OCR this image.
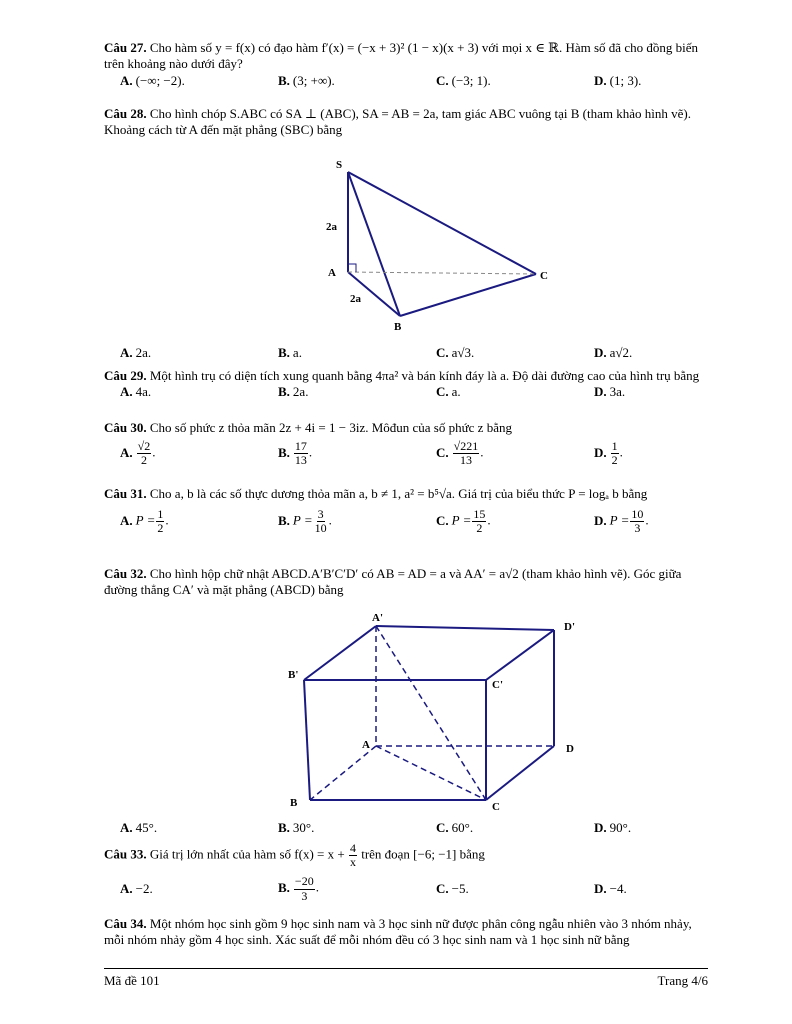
Câu 27. Cho hàm số y = f(x) có đạo hàm f′(x) = (−x + 3)² (1 − x)(x + 3) với mọi x ∈ ℝ. Hàm số đã cho đồng biến trên khoảng nào dưới đây?

A. (−∞; −2).	B. (3; +∞).	C. (−3; 1).	D. (1; 3).

Câu 28. Cho hình chóp S.ABC có SA ⊥ (ABC), SA = AB = 2a, tam giác ABC vuông tại B (tham khảo hình vẽ). Khoảng cách từ A đến mặt phẳng (SBC) bằng

S
A
B
C
2a
2a
A. 2a.	B. a.	C. a√3.	D. a√2.

Câu 29. Một hình trụ có diện tích xung quanh bằng 4πa² và bán kính đáy là a. Độ dài đường cao của hình trụ bằng

A. 4a.	B. 2a.	C. a.	D. 3a.

Câu 30. Cho số phức z thỏa mãn 2z + 4i = 1 − 3iz. Môđun của số phức z bằng

A. $\frac{√2}{2}$ .	B. $\frac{17}{13}$ .	C. $\frac{√221}{13}$ .	D. $\frac{1}{2}$ .

Câu 31. Cho a, b là các số thực dương thỏa mãn a, b ≠ 1, a² = b⁵√a. Giá trị của biểu thức P = logₐ b bằng

A. $P = \frac{1}{2}$ .	B. $P = \frac{3}{10}$ .	C. $P = \frac{15}{2}$ .	D. $P = \frac{10}{3}$ .

Câu 32. Cho hình hộp chữ nhật ABCD.A′B′C′D′ có AB = AD = a và AA′ = a√2 (tham khảo hình vẽ). Góc giữa đường thẳng CA′ và mặt phẳng (ABCD) bằng

A'
D'
B'
C'
A	D
B	C
A. 45°.	B. 30°.	C. 60°.	D. 90°.

Câu 33. Giá trị lớn nhất của hàm số $f(x) = x + \frac{4}{x}$ trên đoạn [−6; −1] bằng

A. −2.	B. $\frac{-20}{3}$ .	C. −5.	D. −4.

Câu 34. Một nhóm học sinh gồm 9 học sinh nam và 3 học sinh nữ được phân công ngẫu nhiên vào 3 nhóm nhảy, mỗi nhóm nhảy gồm 4 học sinh. Xác suất để mỗi nhóm đều có 3 học sinh nam và 1 học sinh nữ bằng

Mã đề 101	Trang 4/6
